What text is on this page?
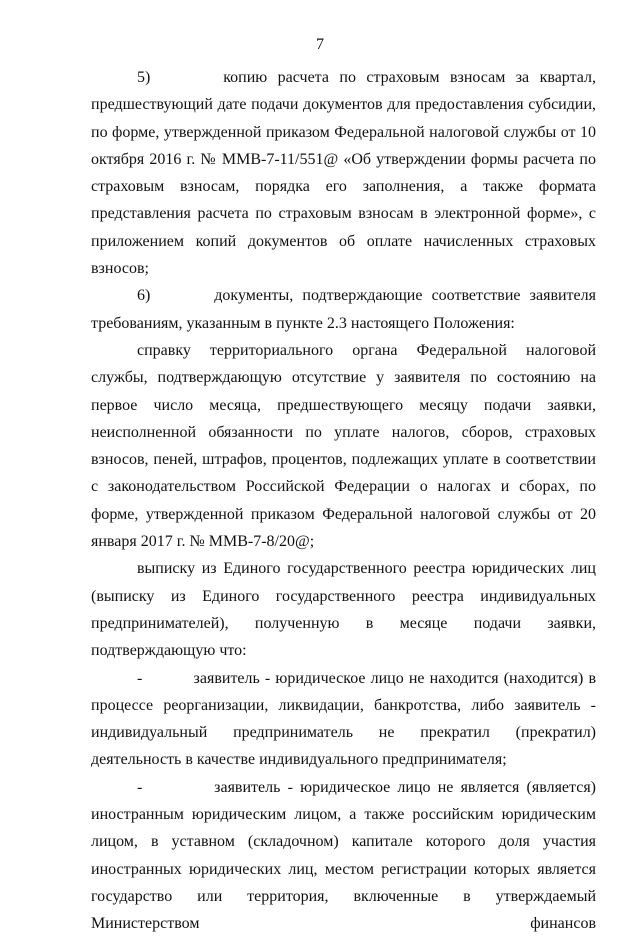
7

5)       копию расчета по страховым взносам за квартал, предшествующий дате подачи документов для предоставления субсидии, по форме, утвержденной приказом Федеральной налоговой службы от 10 октября 2016 г. № ММВ-7-11/551@ «Об утверждении формы расчета по страховым взносам, порядка его заполнения, а также формата представления расчета по страховым взносам в электронной форме», с приложением копий документов об оплате начисленных страховых взносов;

6)       документы, подтверждающие соответствие заявителя требованиям, указанным в пункте 2.3 настоящего Положения:

справку территориального органа Федеральной налоговой службы, подтверждающую отсутствие у заявителя по состоянию на первое число месяца, предшествующего месяцу подачи заявки, неисполненной обязанности по уплате налогов, сборов, страховых взносов, пеней, штрафов, процентов, подлежащих уплате в соответствии с законодательством Российской Федерации о налогах и сборах, по форме, утвержденной приказом Федеральной налоговой службы от 20 января 2017 г. № ММВ-7-8/20@;

выписку из Единого государственного реестра юридических лиц (выписку из Единого государственного реестра индивидуальных предпринимателей), полученную в месяце подачи заявки, подтверждающую что:

-          заявитель - юридическое лицо не находится (находится) в процессе реорганизации, ликвидации, банкротства, либо заявитель - индивидуальный предприниматель не прекратил (прекратил) деятельность в качестве индивидуального предпринимателя;

-          заявитель - юридическое лицо не является (является) иностранным юридическим лицом, а также российским юридическим лицом, в уставном (складочном) капитале которого доля участия иностранных юридических лиц, местом регистрации которых является государство или территория, включенные в утверждаемый Министерством финансов
